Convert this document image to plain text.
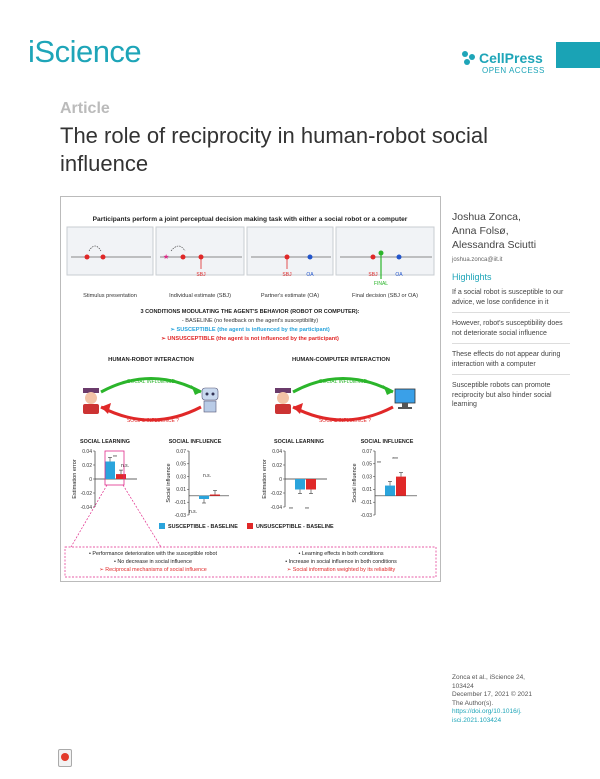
iScience	CellPress
OPEN ACCESS
Article
The role of reciprocity in human-robot social influence
Participants perform a joint perceptual decision making task with either a social robot or a computer
★
SBJ	SBJ	OA	SBJ	OA
FINAL
Stimulus presentation	Individual estimate (SBJ)	Partner's estimate (OA)	Final decision (SBJ or OA)
3 CONDITIONS MODULATING THE AGENT'S BEHAVIOR (ROBOT OR COMPUTER):
- BASELINE (no feedback on the agent's susceptibility)
➢ SUSCEPTIBLE (the agent is influenced by the participant)
➢ UNSUSCEPTIBLE (the agent is not influenced by the participant)
HUMAN-ROBOT INTERACTION	HUMAN-COMPUTER INTERACTION
SOCIAL INFLUENCE
SOCIAL INFLUENCE ?
SOCIAL INFLUENCE
SOCIAL INFLUENCE ?
SOCIAL LEARNING	SOCIAL INFLUENCE	SOCIAL LEARNING	SOCIAL INFLUENCE
0.04
0.02
0
-0.02
-0.04
Estimation error
0.07
0.05
0.03
0.01
-0.01
-0.03
Social influence
0.04
0.02
0
-0.02
-0.04
Estimation error
0.07
0.05
0.03
0.01
-0.01
-0.03
Social influence
**
n.s.
n.s.
n.s.	** **
**
***
SUSCEPTIBLE - BASELINE	UNSUSCEPTIBLE - BASELINE
• Performance deterioration with the susceptible robot
• No decrease in social influence
➢ Reciprocal mechanisms of social influence
• Learning effects in both conditions
• Increase in social influence in both conditions
➢ Social information weighted by its reliability
Joshua Zonca,
Anna Folsø,
Alessandra Sciutti
joshua.zonca@iit.it
Highlights
If a social robot is susceptible to our advice, we lose confidence in it
However, robot's susceptibility does not deteriorate social influence
These effects do not appear during interaction with a computer
Susceptible robots can promote reciprocity but also hinder social learning
Zonca et al., iScience 24,
103424
December 17, 2021 © 2021
The Author(s).
https://doi.org/10.1016/j.
isci.2021.103424
